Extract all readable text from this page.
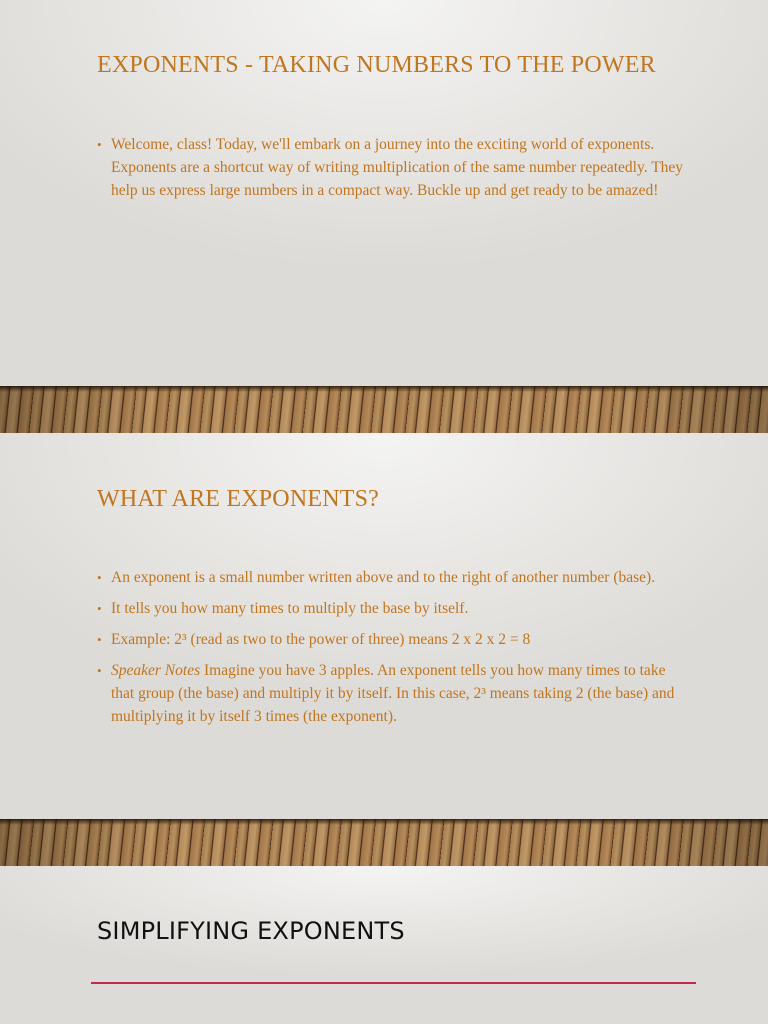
EXPONENTS - TAKING NUMBERS TO THE POWER
• Welcome, class! Today, we'll embark on a journey into the exciting world of exponents. Exponents are a shortcut way of writing multiplication of the same number repeatedly. They help us express large numbers in a compact way. Buckle up and get ready to be amazed!
WHAT ARE EXPONENTS?
• An exponent is a small number written above and to the right of another number (base).
• It tells you how many times to multiply the base by itself.
• Example: 2³ (read as two to the power of three) means 2 x 2 x 2 = 8
• Speaker Notes Imagine you have 3 apples. An exponent tells you how many times to take that group (the base) and multiply it by itself. In this case, 2³ means taking 2 (the base) and multiplying it by itself 3 times (the exponent).
SIMPLIFYING EXPONENTS
